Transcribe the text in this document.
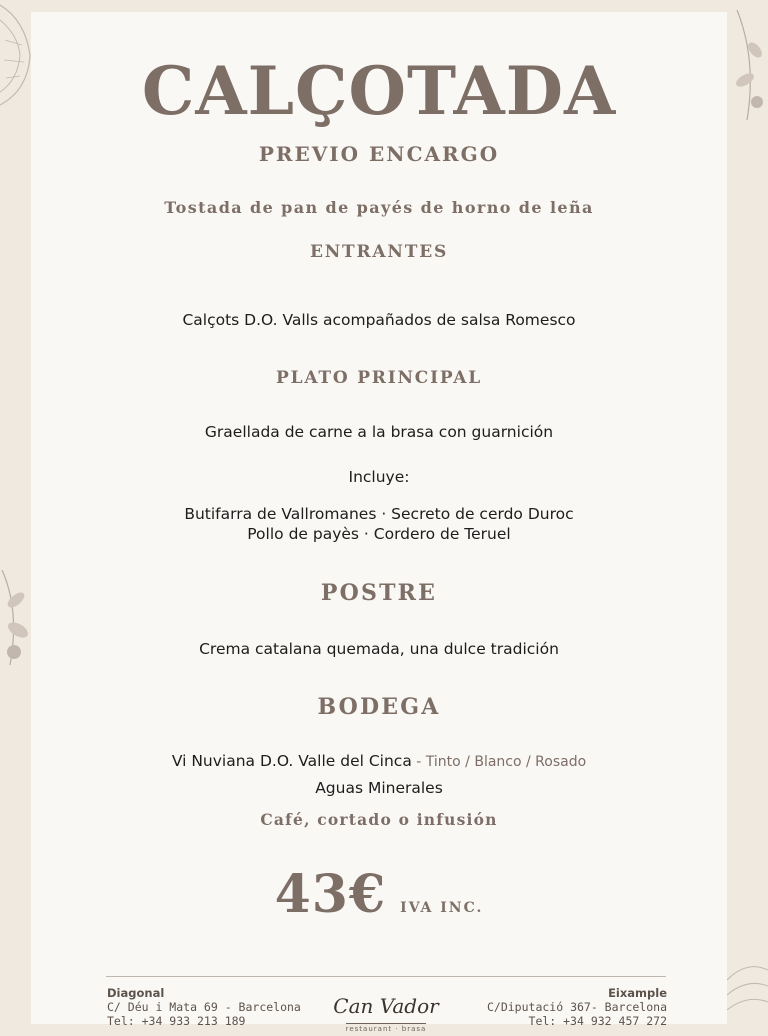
CALÇOTADA
PREVIO ENCARGO
Tostada de pan de payés de horno de leña
ENTRANTES
Calçots D.O. Valls acompañados de salsa Romesco
PLATO PRINCIPAL
Graellada de carne a la brasa con guarnición
Incluye:
Butifarra de Vallromanes · Secreto de cerdo Duroc
Pollo de payès · Cordero de Teruel
POSTRE
Crema catalana quemada, una dulce tradición
BODEGA
Vi Nuviana D.O. Valle del Cinca - Tinto / Blanco / Rosado
Aguas Minerales
Café, cortado o infusión
43€ IVA INC.
Diagonal
C/ Déu i Mata 69 - Barcelona
Tel: +34 933 213 189
Can Vador
restaurant · brasa
Eixample
C/Diputació 367- Barcelona
Tel: +34 932 457 272
